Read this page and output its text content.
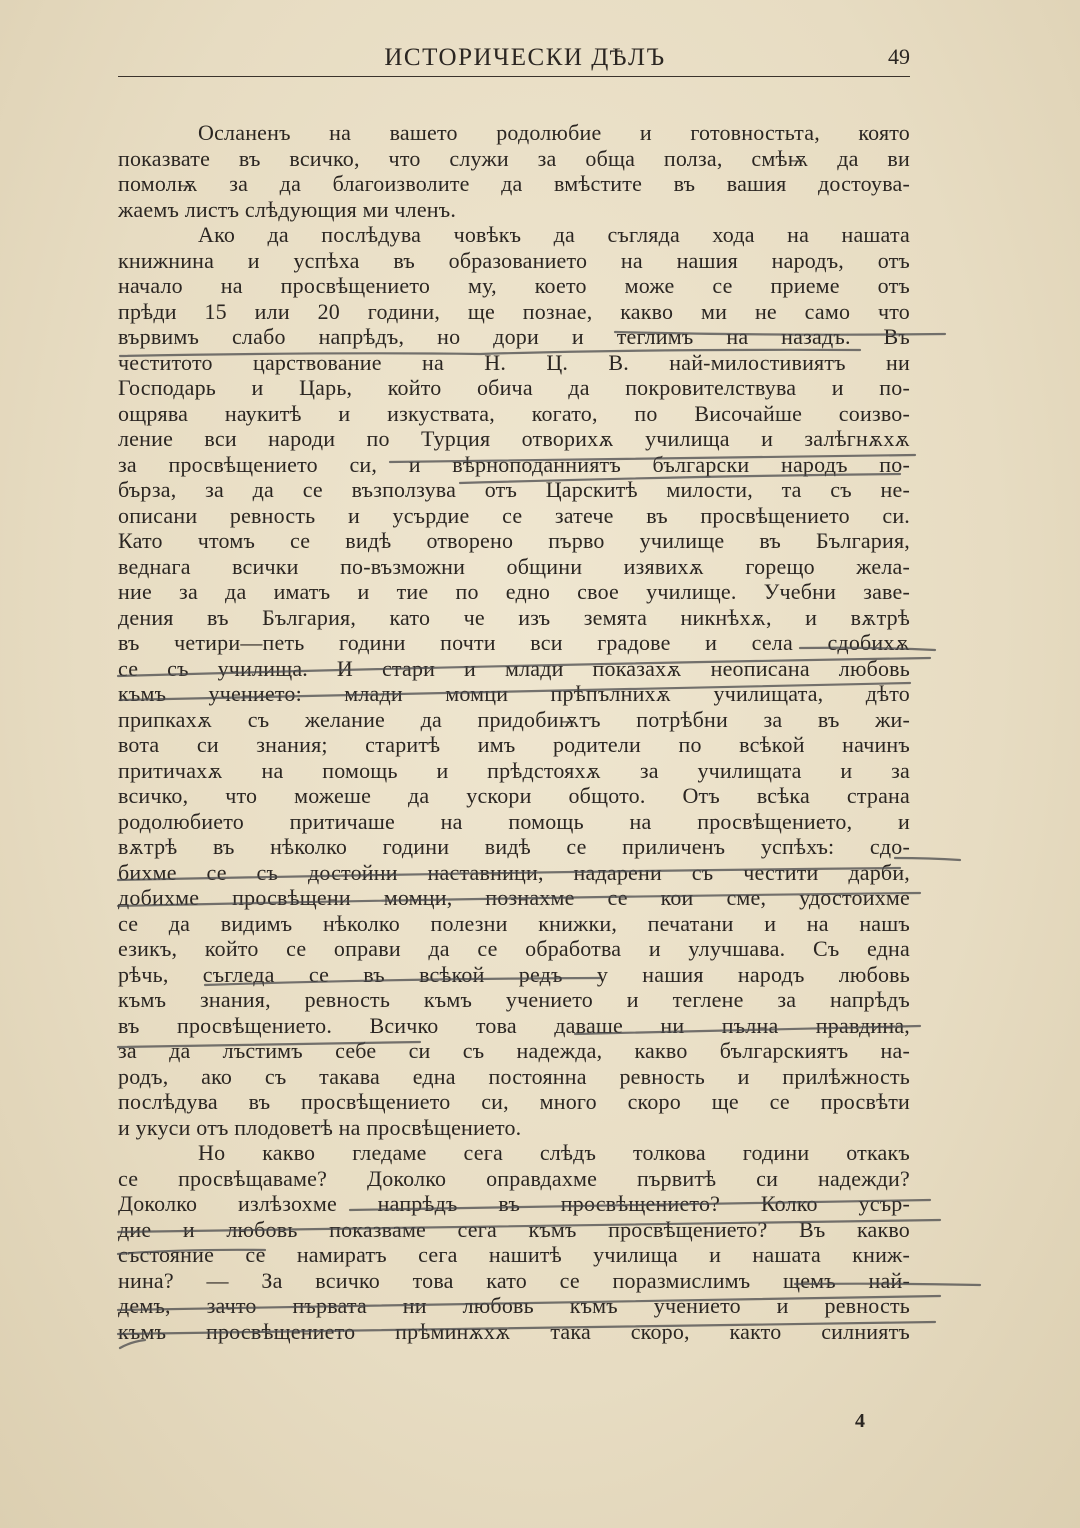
ИСТОРИЧЕСКИ ДѢЛЪ	49
Осланенъ на вашето родолюбие и готовностьта, която
показвате въ всичко, что служи за обща полза, смѣѭ да ви
помолѭ за да благоизволите да вмѣстите въ вашия достоува-
жаемъ листъ слѣдующия ми членъ.
Ако да послѣдува човѣкъ да съгляда хода на нашата
книжнина и успѣха въ образованието на нашия народъ, отъ
начало на просвѣщението му, което може се приеме отъ
прѣди 15 или 20 години, ще познае, какво ми не само что
вървимъ слабо напрѣдъ, но дори и теглимъ на назадъ. Въ
честитото царствование на Н. Ц. В. най-милостивиятъ ни
Господарь и Царь, който обича да покровителствува и по-
ощрява наукитѣ и изкуствата, когато, по Височайше соизво-
ление вси народи по Турция отворихѫ училища и залѣгнѫхѫ
за просвѣщението си, и вѣрноподанниятъ български народъ по-
бърза, за да се възползува отъ Царскитѣ милости, та съ не-
описани ревность и усърдие се затече въ просвѣщението си.
Като чтомъ се видѣ отворено първо училище въ България,
веднага всички по-възможни общини изявихѫ горещо жела-
ние за да иматъ и тие по едно свое училище. Учебни заве-
дения въ България, като че изъ земята никнѣхѫ, и вѫтрѣ
въ четири—петь години почти вси градове и села сдобихѫ
се съ училища. И стари и млади показахѫ неописана любовь
къмъ учението: млади момци прѣпълнихѫ училищата, дѣто
припкахѫ съ желание да придобиѭтъ потрѣбни за въ жи-
вота си знания; старитѣ имъ родители по всѣкой начинъ
притичахѫ на помощь и прѣдстояхѫ за училищата и за
всичко, что можеше да ускори общото. Отъ всѣка страна
родолюбието притичаше на помощь на просвѣщението, и
вѫтрѣ въ нѣколко години видѣ се приличенъ успѣхъ: сдо-
бихме се съ достойни наставници, надарени съ честити дарби,
добихме просвѣщени момци, познахме се кои сме, удостоихме
се да видимъ нѣколко полезни книжки, печатани и на нашъ
езикъ, който се оправи да се обработва и улучшава. Съ една
рѣчь, съгледа се въ всѣкой редъ у нашия народъ любовь
къмъ знания, ревность къмъ учението и теглене за напрѣдъ
въ просвѣщението. Всичко това даваше ни пълна правдина,
за да лъстимъ себе си съ надежда, какво българскиятъ на-
родъ, ако съ такава една постоянна ревность и прилѣжность
послѣдува въ просвѣщението си, много скоро ще се просвѣти
и укуси отъ плодоветѣ на просвѣщението.
Но какво гледаме сега слѣдъ толкова години откакъ
се просвѣщаваме? Доколко оправдахме първитѣ си надежди?
Доколко излѣзохме напрѣдъ въ просвѣщението? Колко усър-
дие и любовь показваме сега къмъ просвѣщението? Въ какво
състояние се намиратъ сега нашитѣ училища и нашата книж-
нина? — За всичко това като се поразмислимъ щемъ най-
демъ, зачто първата ни любовь къмъ учението и ревность
къмъ просвѣщението прѣминѫхѫ така скоро, както силниятъ
4
